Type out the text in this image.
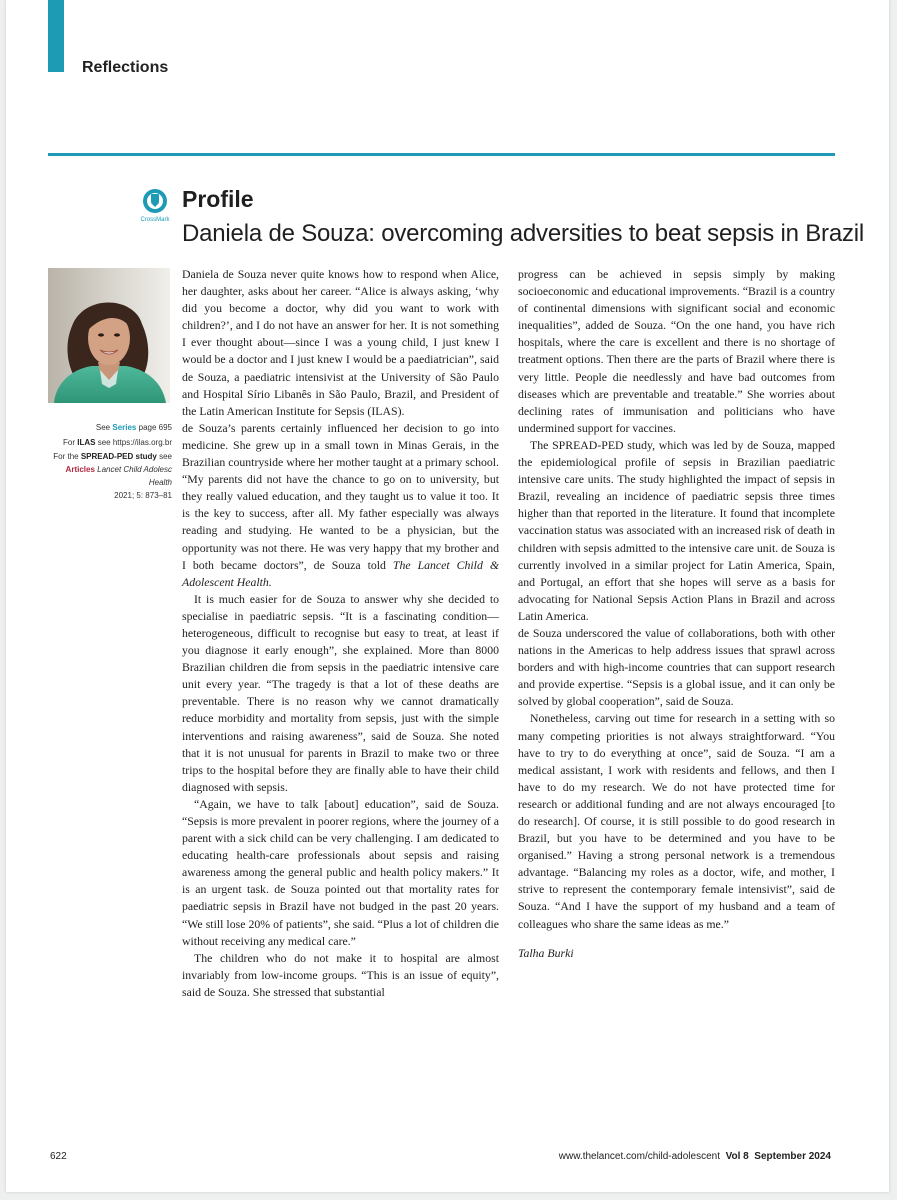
Reflections
CrossMark
Profile
Daniela de Souza: overcoming adversities to beat sepsis in Brazil
See Series page 695
For ILAS see https://ilas.org.br
For the SPREAD-PED study see
Articles Lancet Child Adolesc Health
2021; 5: 873–81

Daniela de Souza never quite knows how to respond when Alice, her daughter, asks about her career. “Alice is always asking, ‘why did you become a doctor, why did you want to work with children?’, and I do not have an answer for her. It is not something I ever thought about—since I was a young child, I just knew I would be a doctor and I just knew I would be a paediatrician”, said de Souza, a paediatric intensivist at the University of São Paulo and Hospital Sírio Libanês in São Paulo, Brazil, and President of the Latin American Institute for Sepsis (ILAS).

de Souza’s parents certainly influenced her decision to go into medicine. She grew up in a small town in Minas Gerais, in the Brazilian countryside where her mother taught at a primary school. “My parents did not have the chance to go on to university, but they really valued education, and they taught us to value it too. It is the key to success, after all. My father especially was always reading and studying. He wanted to be a physician, but the opportunity was not there. He was very happy that my brother and I both became doctors”, de Souza told The Lancet Child & Adolescent Health.

It is much easier for de Souza to answer why she decided to specialise in paediatric sepsis. “It is a fascinating condition—heterogeneous, difficult to recognise but easy to treat, at least if you diagnose it early enough”, she explained. More than 8000 Brazilian children die from sepsis in the paediatric intensive care unit every year. “The tragedy is that a lot of these deaths are preventable. There is no reason why we cannot dramatically reduce morbidity and mortality from sepsis, just with the simple interventions and raising awareness”, said de Souza. She noted that it is not unusual for parents in Brazil to make two or three trips to the hospital before they are finally able to have their child diagnosed with sepsis.

“Again, we have to talk [about] education”, said de Souza. “Sepsis is more prevalent in poorer regions, where the journey of a parent with a sick child can be very challenging. I am dedicated to educating health-care professionals about sepsis and raising awareness among the general public and health policy makers.” It is an urgent task. de Souza pointed out that mortality rates for paediatric sepsis in Brazil have not budged in the past 20 years. “We still lose 20% of patients”, she said. “Plus a lot of children die without receiving any medical care.”

The children who do not make it to hospital are almost invariably from low-income groups. “This is an issue of equity”, said de Souza. She stressed that substantial

progress can be achieved in sepsis simply by making socioeconomic and educational improvements. “Brazil is a country of continental dimensions with significant social and economic inequalities”, added de Souza. “On the one hand, you have rich hospitals, where the care is excellent and there is no shortage of treatment options. Then there are the parts of Brazil where there is very little. People die needlessly and have bad outcomes from diseases which are preventable and treatable.” She worries about declining rates of immunisation and politicians who have undermined support for vaccines.

The SPREAD-PED study, which was led by de Souza, mapped the epidemiological profile of sepsis in Brazilian paediatric intensive care units. The study highlighted the impact of sepsis in Brazil, revealing an incidence of paediatric sepsis three times higher than that reported in the literature. It found that incomplete vaccination status was associated with an increased risk of death in children with sepsis admitted to the intensive care unit. de Souza is currently involved in a similar project for Latin America, Spain, and Portugal, an effort that she hopes will serve as a basis for advocating for National Sepsis Action Plans in Brazil and across Latin America.

de Souza underscored the value of collaborations, both with other nations in the Americas to help address issues that sprawl across borders and with high-income countries that can support research and provide expertise. “Sepsis is a global issue, and it can only be solved by global cooperation”, said de Souza.

Nonetheless, carving out time for research in a setting with so many competing priorities is not always straightforward. “You have to try to do everything at once”, said de Souza. “I am a medical assistant, I work with residents and fellows, and then I have to do my research. We do not have protected time for research or additional funding and are not always encouraged [to do research]. Of course, it is still possible to do good research in Brazil, but you have to be determined and you have to be organised.” Having a strong personal network is a tremendous advantage. “Balancing my roles as a doctor, wife, and mother, I strive to represent the contemporary female intensivist”, said de Souza. “And I have the support of my husband and a team of colleagues who share the same ideas as me.”

Talha Burki

622	www.thelancet.com/child-adolescent Vol 8 September 2024
